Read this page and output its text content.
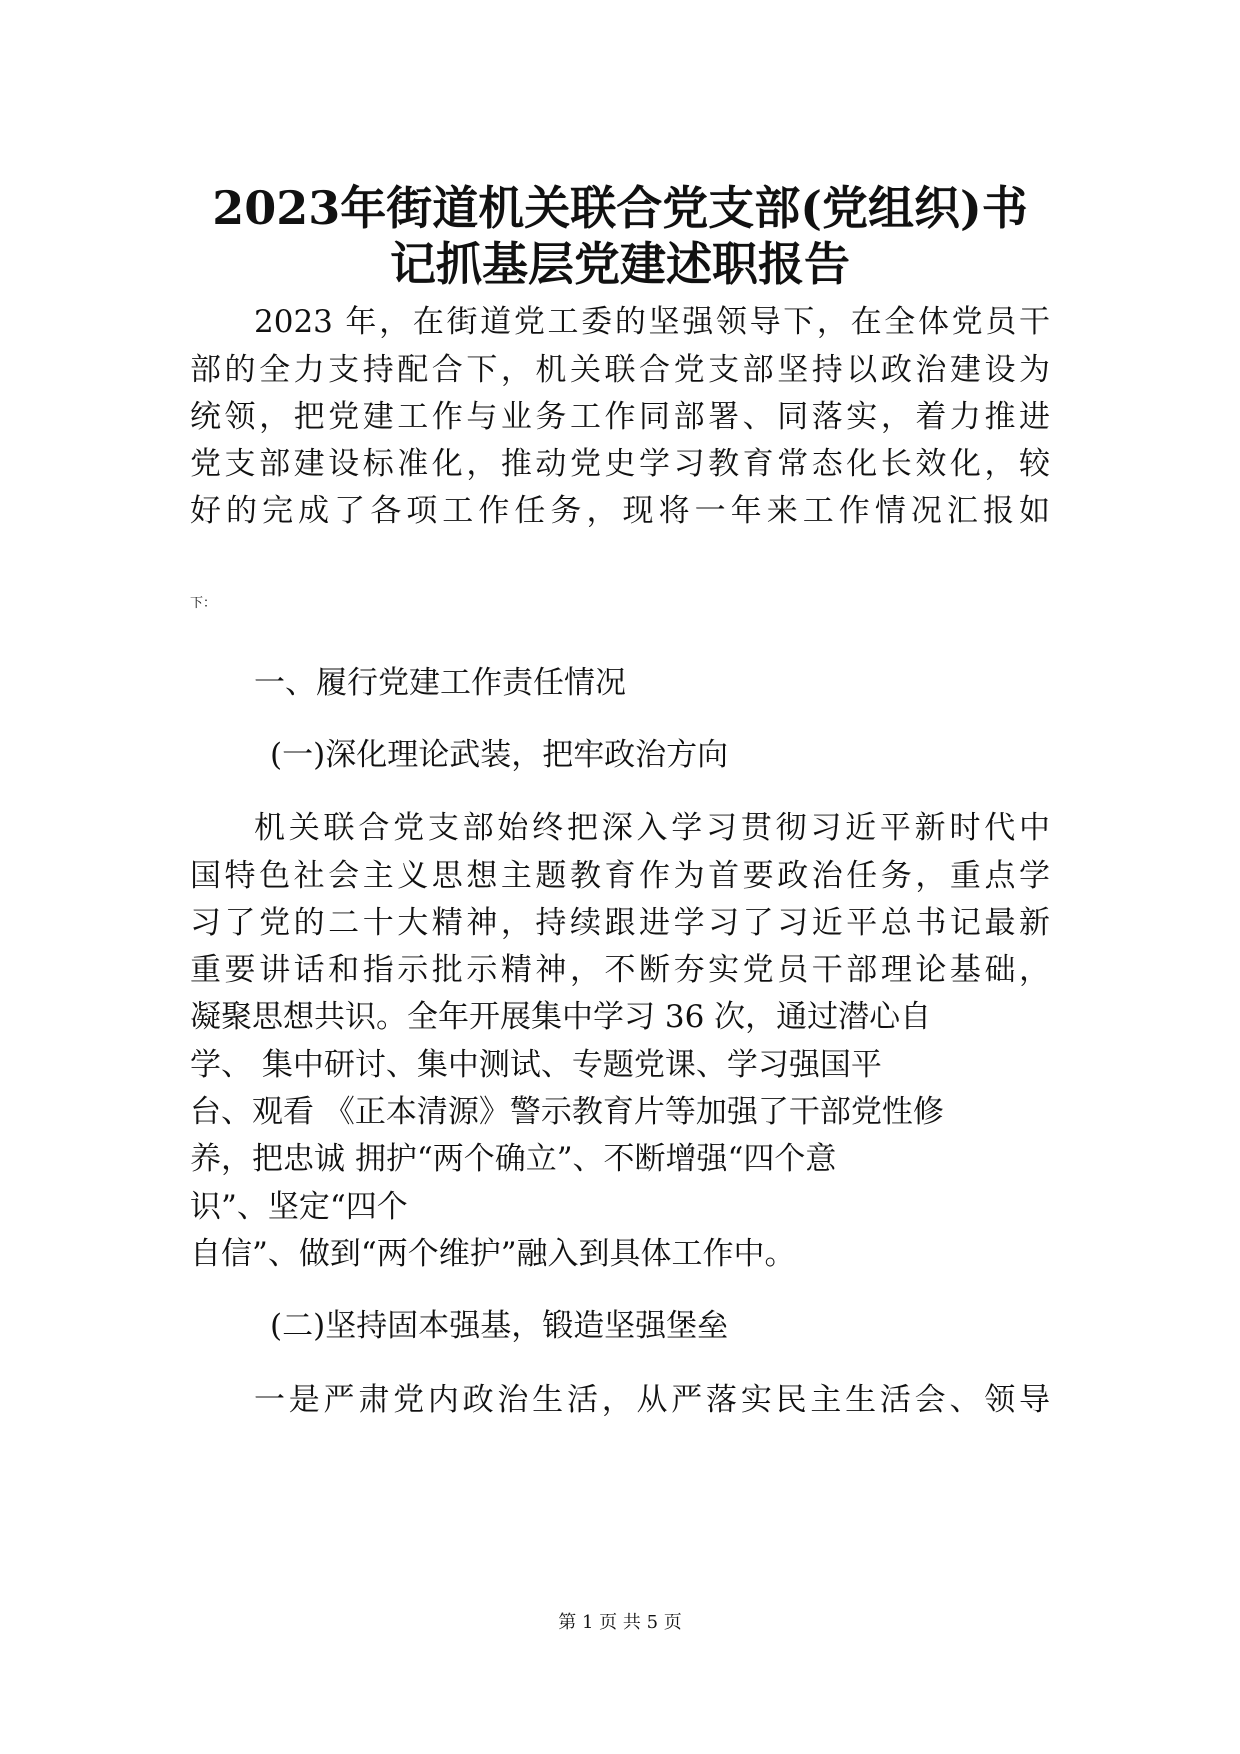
2023年街道机关联合党支部(党组织)书
记抓基层党建述职报告

2023 年，在街道党工委的坚强领导下，在全体党员干

部的全力支持配合下，机关联合党支部坚持以政治建设为

统领，把党建工作与业务工作同部署、同落实，着力推进

党支部建设标准化，推动党史学习教育常态化长效化，较

好的完成了各项工作任务，现将一年来工作情况汇报如

下：

一、履行党建工作责任情况

(一)深化理论武装，把牢政治方向

机关联合党支部始终把深入学习贯彻习近平新时代中

国特色社会主义思想主题教育作为首要政治任务，重点学

习了党的二十大精神，持续跟进学习了习近平总书记最新

重要讲话和指示批示精神，不断夯实党员干部理论基础，

凝聚思想共识。全年开展集中学习 36 次，通过潜心自

学、 集中研讨、集中测试、专题党课、学习强国平

台、观看 《正本清源》警示教育片等加强了干部党性修

养，把忠诚 拥护“两个确立”、不断增强“四个意

识”、坚定“四个

自信”、做到“两个维护”融入到具体工作中。

(二)坚持固本强基，锻造坚强堡垒

一是严肃党内政治生活，从严落实民主生活会、领导

第 1 页 共 5 页
